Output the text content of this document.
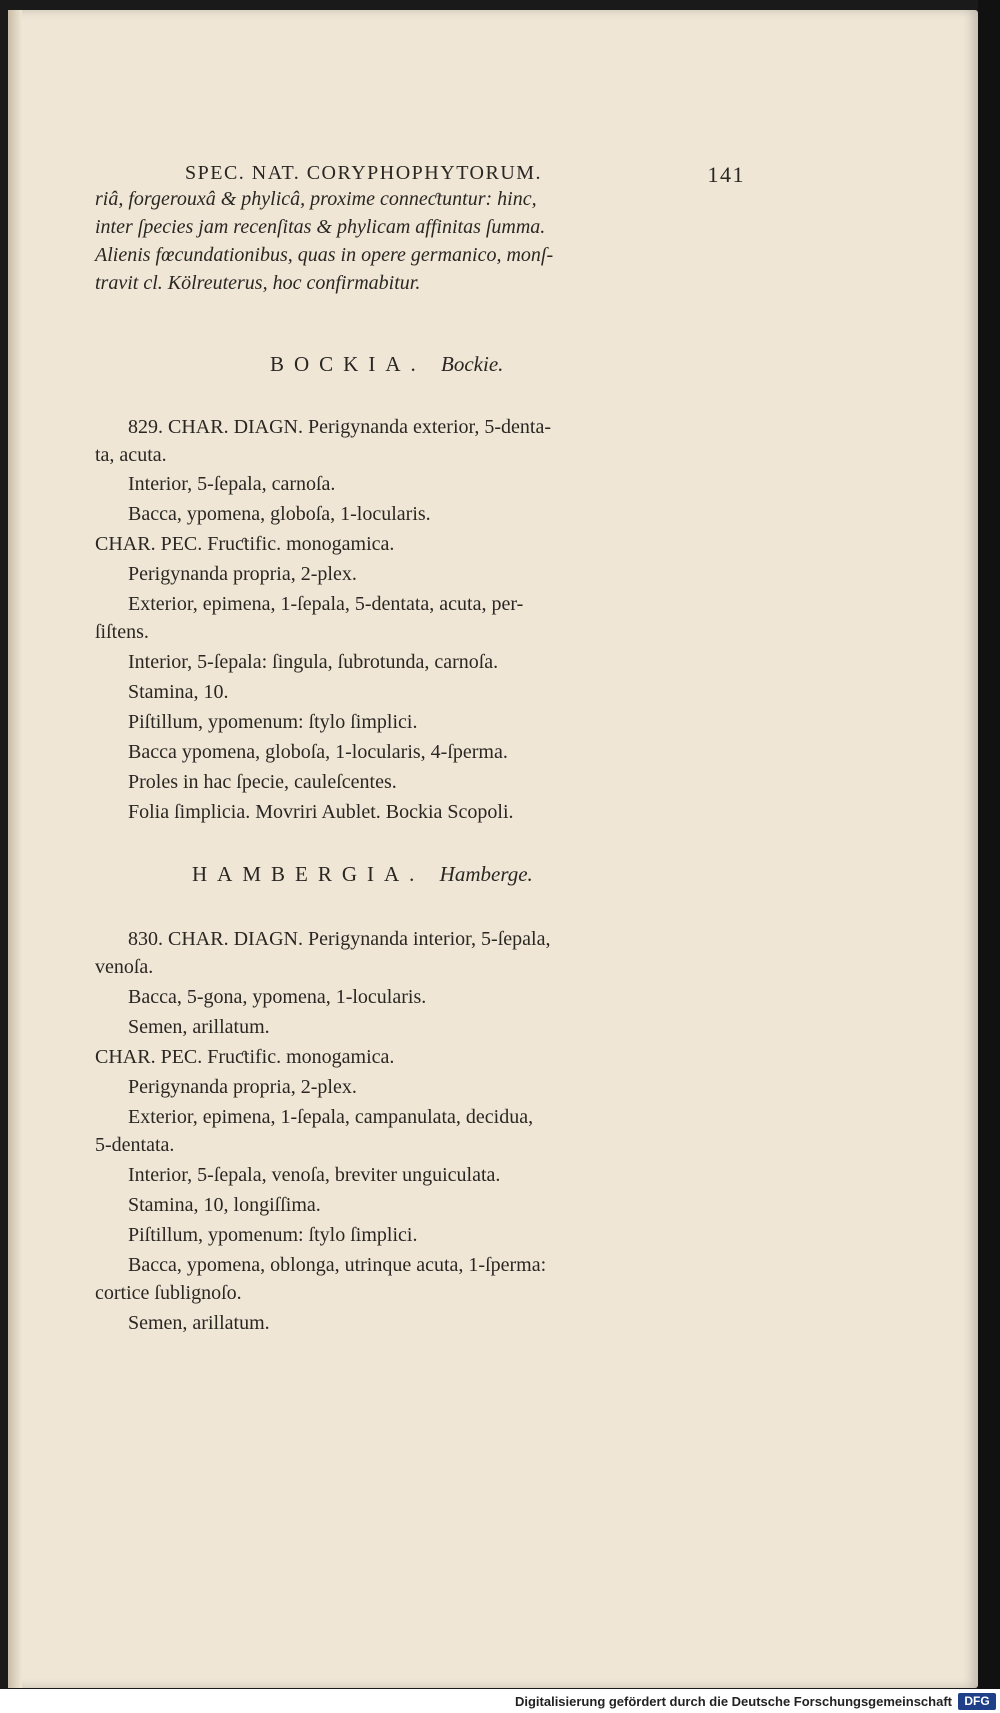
SPEC. NAT. CORYPHOPHYTORUM.	141
riâ, forgerouxâ & phylicâ, proxime conneƈtuntur: hinc,
inter ſpecies jam recenſitas & phylicam affinitas ſumma.
Alienis fœcundationibus, quas in opere germanico, monſ-
travit cl. Kölreuterus, hoc confirmabitur.
BOCKIA. Bockie.
829. CHAR. DIAGN. Perigynanda exterior, 5-denta-
ta, acuta.
Interior, 5-ſepala, carnoſa.
Bacca, ypomena, globoſa, 1-locularis.
CHAR. PEC. Fruƈtific. monogamica.
Perigynanda propria, 2-plex.
Exterior, epimena, 1-ſepala, 5-dentata, acuta, per-
ſiſtens.
Interior, 5-ſepala: ſingula, ſubrotunda, carnoſa.
Stamina, 10.
Piſtillum, ypomenum: ſtylo ſimplici.
Bacca ypomena, globoſa, 1-locularis, 4-ſperma.
Proles in hac ſpecie, cauleſcentes.
Folia ſimplicia. Movriri Aublet. Bockia Scopoli.
HAMBERGIA. Hamberge.
830. CHAR. DIAGN. Perigynanda interior, 5-ſepala,
venoſa.
Bacca, 5-gona, ypomena, 1-locularis.
Semen, arillatum.
CHAR. PEC. Fruƈtific. monogamica.
Perigynanda propria, 2-plex.
Exterior, epimena, 1-ſepala, campanulata, decidua,
5-dentata.
Interior, 5-ſepala, venoſa, breviter unguiculata.
Stamina, 10, longiſſima.
Piſtillum, ypomenum: ſtylo ſimplici.
Bacca, ypomena, oblonga, utrinque acuta, 1-ſperma:
cortice ſublignoſo.
Semen, arillatum.
Digitalisierung gefördert durch die Deutsche Forschungsgemeinschaft	DFG
